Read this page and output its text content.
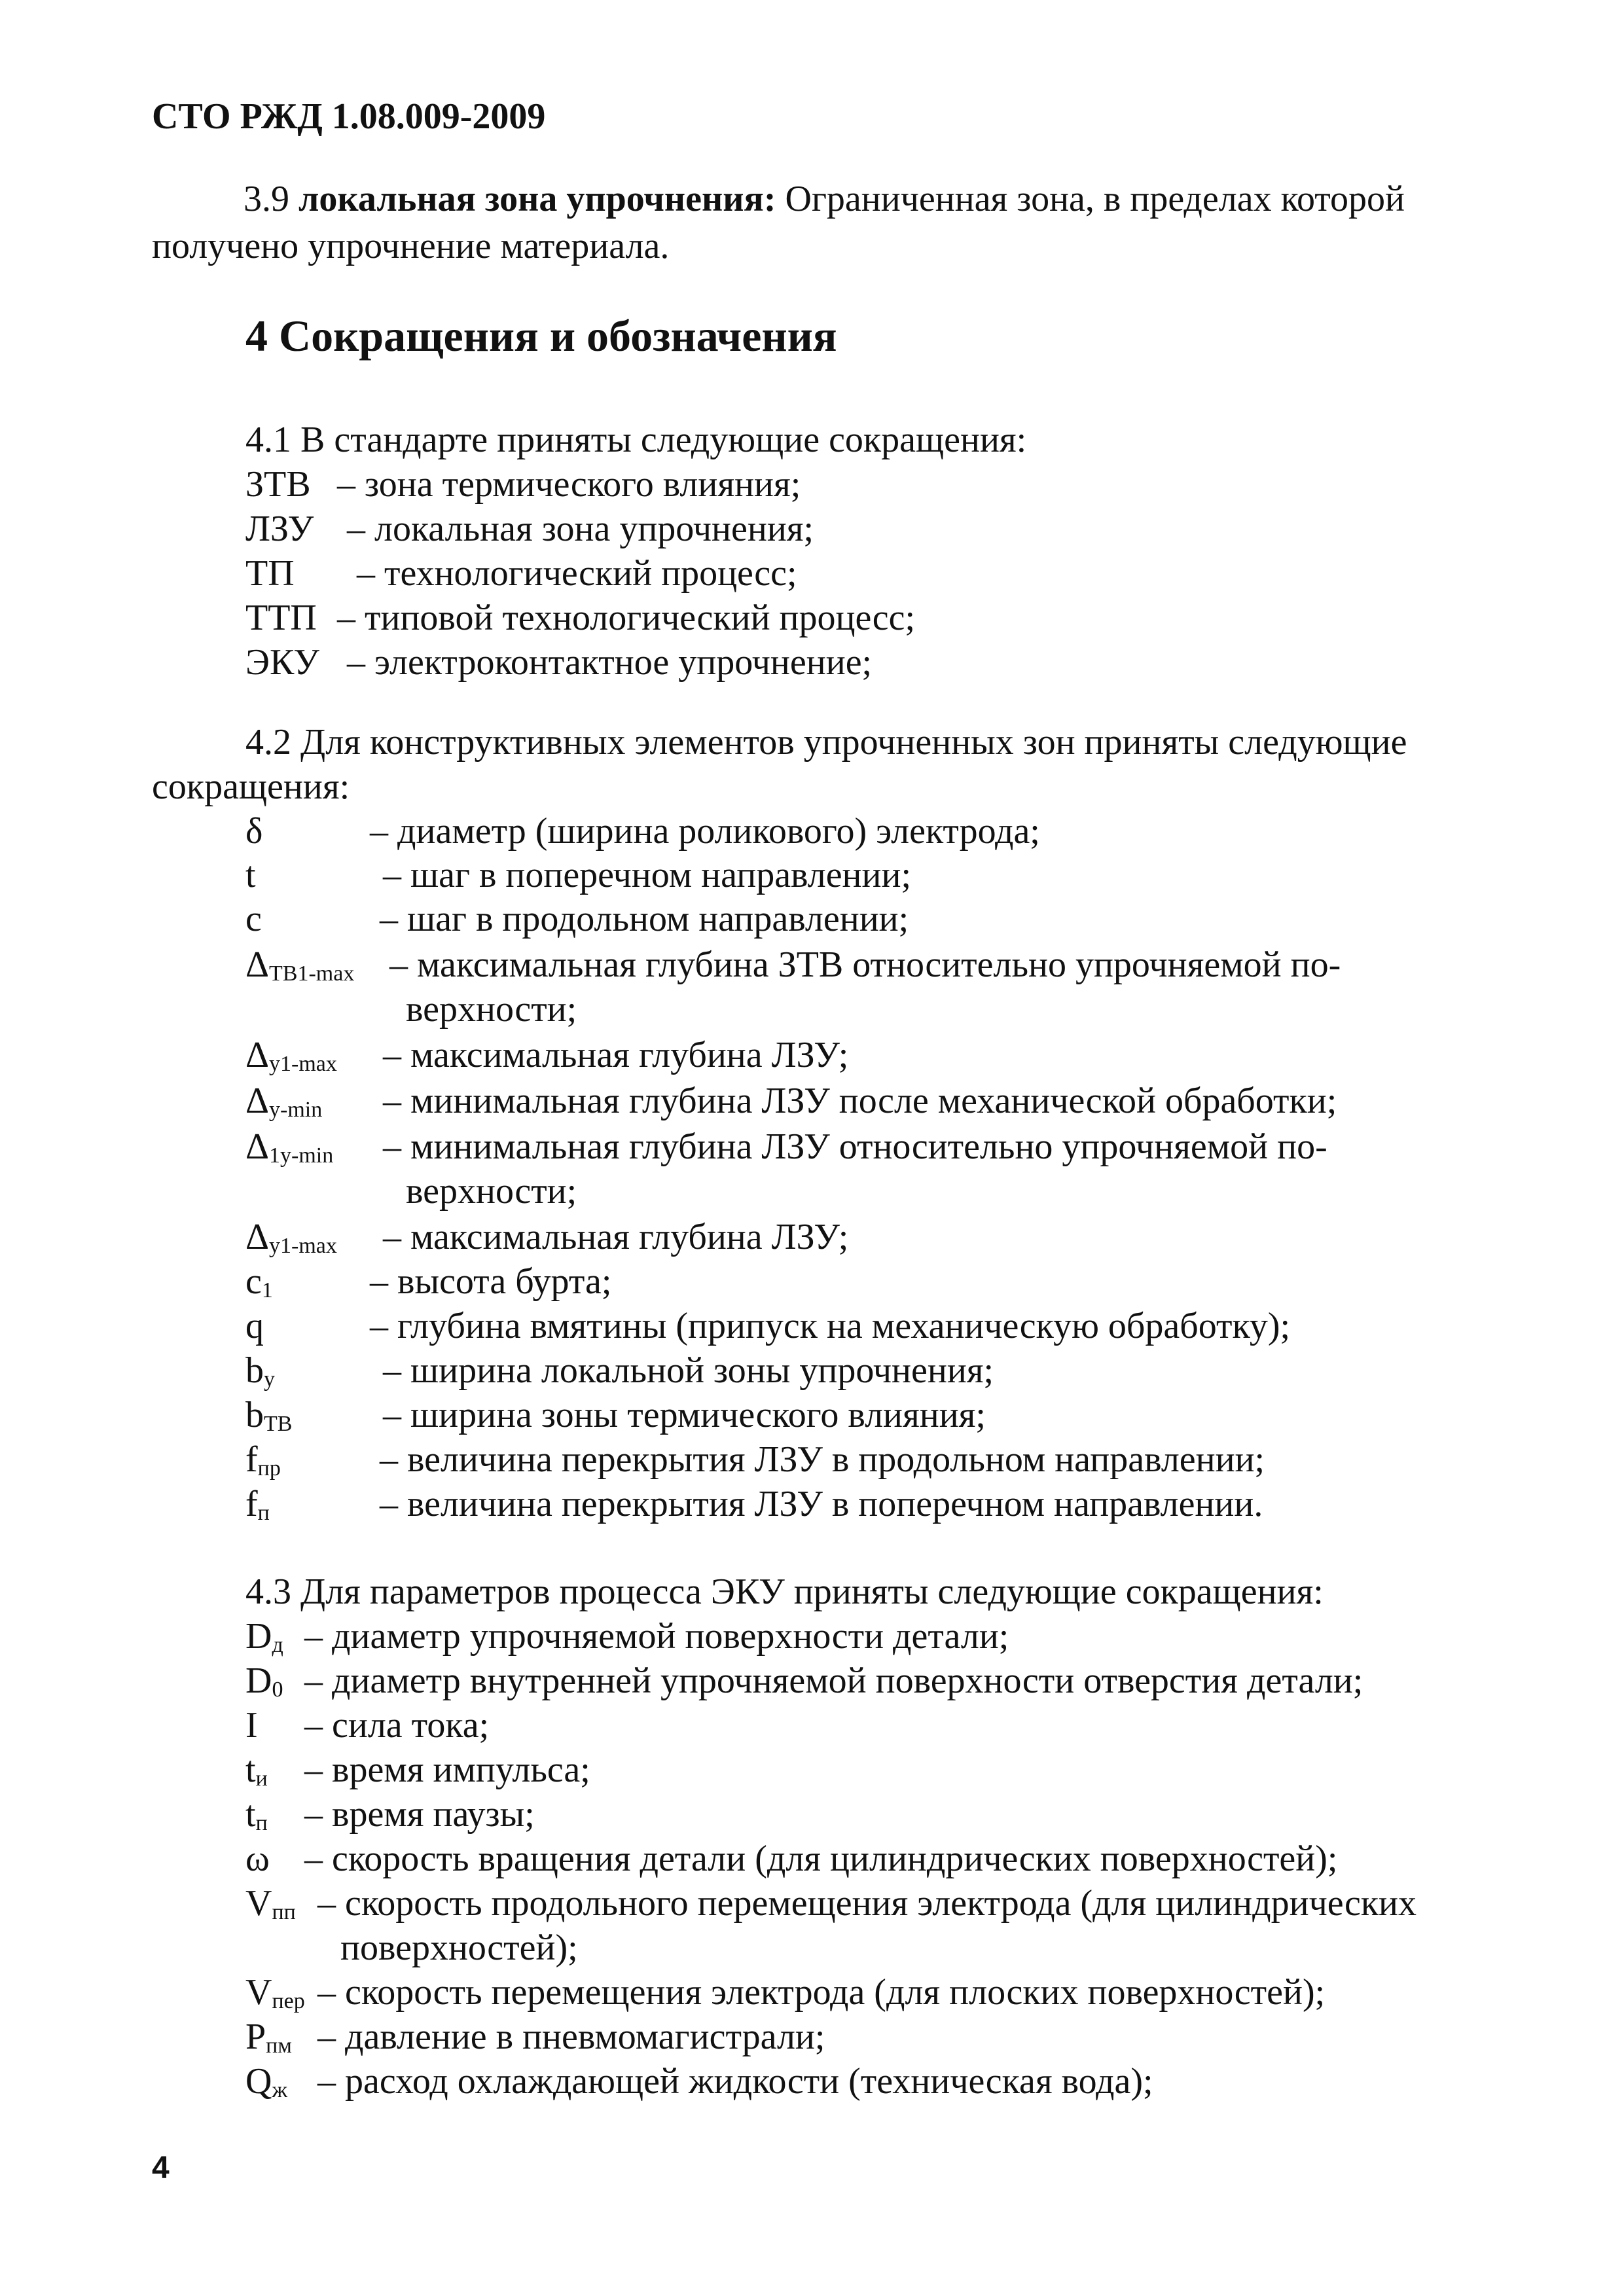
СТО РЖД 1.08.009-2009
3.9 локальная зона упрочнения: Ограниченная зона, в пределах которой получено упрочнение материала.
4 Сокращения и обозначения
4.1 В стандарте приняты следующие сокращения:
ЗТВ – зона термического влияния;
ЛЗУ – локальная зона упрочнения;
ТП – технологический процесс;
ТТП – типовой технологический процесс;
ЭКУ – электроконтактное упрочнение;
4.2 Для конструктивных элементов упрочненных зон приняты следующие сокращения:
δ	– диаметр (ширина роликового) электрода;
t	– шаг в поперечном направлении;
c	– шаг в продольном направлении;
$\Delta_{ТВ1-max}$ – максимальная глубина ЗТВ относительно упрочняемой по-
верхности;
$\Delta_{у1-max}$ – максимальная глубина ЛЗУ;
$\Delta_{у-min}$ – минимальная глубина ЛЗУ после механической обработки;
$\Delta_{1у-min}$ – минимальная глубина ЛЗУ относительно упрочняемой по-
верхности;
$\Delta_{у1-max}$ – максимальная глубина ЛЗУ;
$c_1$	– высота бурта;
q	– глубина вмятины (припуск на механическую обработку);
$b_у$	– ширина локальной зоны упрочнения;
$b_{ТВ}$ – ширина зоны термического влияния;
$f_{пр}$	– величина перекрытия ЛЗУ в продольном направлении;
$f_п$	– величина перекрытия ЛЗУ в поперечном направлении.
4.3 Для параметров процесса ЭКУ приняты следующие сокращения:
$D_д$ – диаметр упрочняемой поверхности детали;
$D_0$ – диаметр внутренней упрочняемой поверхности отверстия детали;
I – сила тока;
$t_и$ – время импульса;
$t_п$ – время паузы;
ω – скорость вращения детали (для цилиндрических поверхностей);
$V_{пп}$ – скорость продольного перемещения электрода (для цилиндрических
поверхностей);
$V_{пер}$ – скорость перемещения электрода (для плоских поверхностей);
$P_{пм}$ – давление в пневмомагистрали;
$Q_ж$ – расход охлаждающей жидкости (техническая вода);
4
